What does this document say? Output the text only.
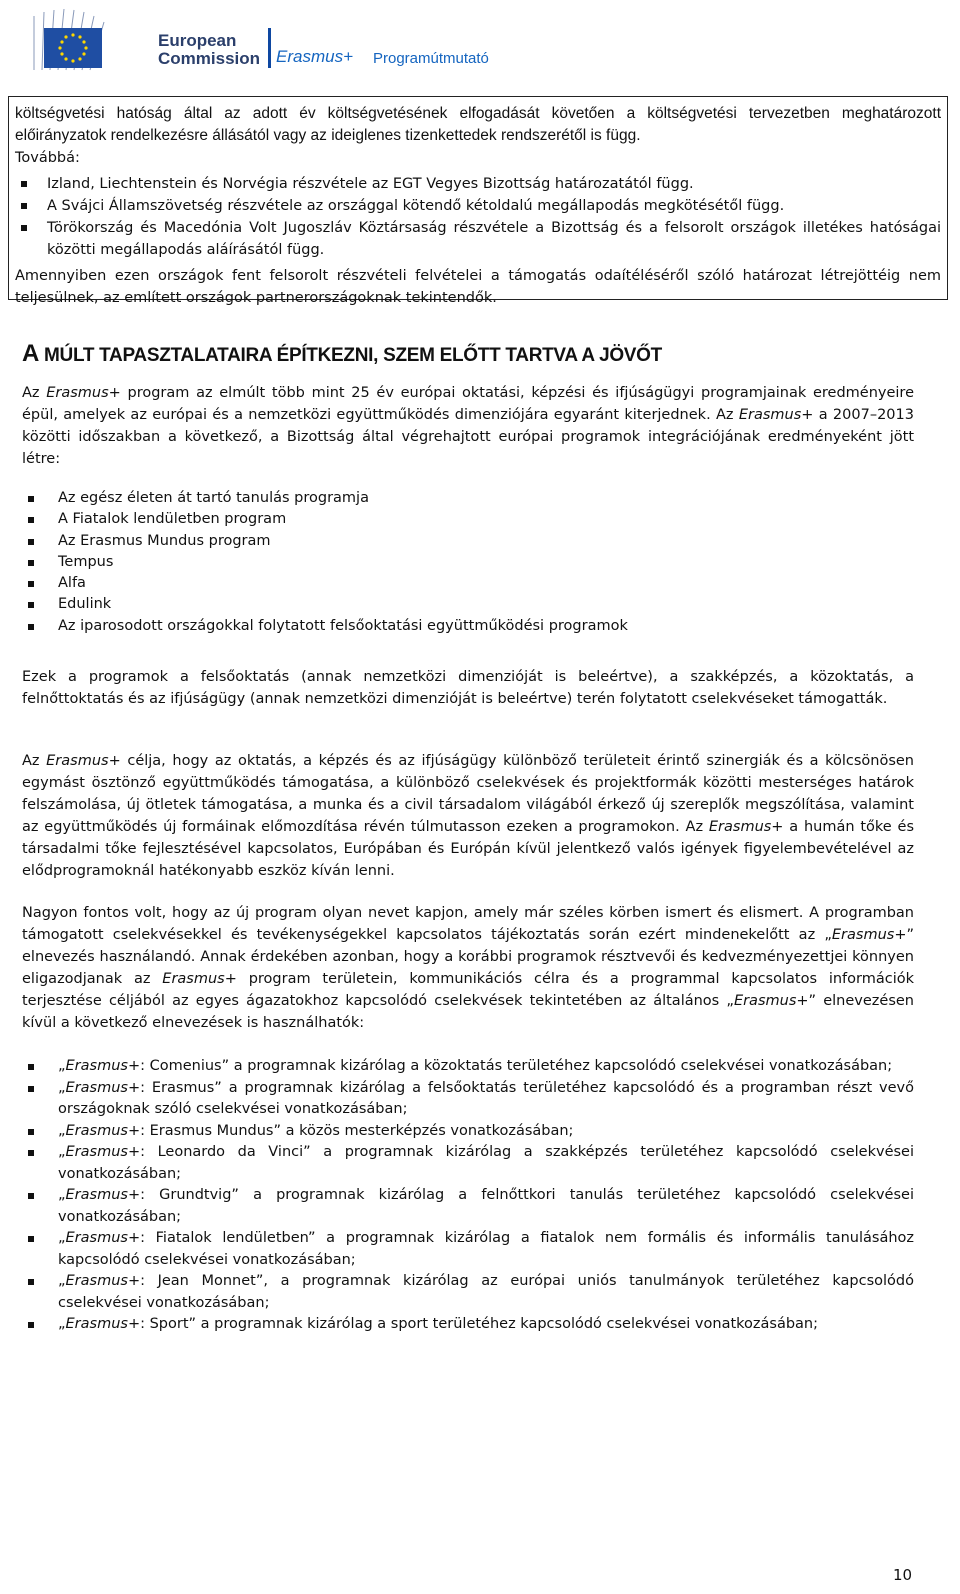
European
Commission Erasmus+ Programútmutató

költségvetési hatóság által az adott év költségvetésének elfogadását követően a költségvetési tervezetben meghatározott előirányzatok rendelkezésre állásától vagy az ideiglenes tizenkettedek rendszerétől is függ.

Továbbá:

Izland, Liechtenstein és Norvégia részvétele az EGT Vegyes Bizottság határozatától függ.

A Svájci Államszövetség részvétele az országgal kötendő kétoldalú megállapodás megkötésétől függ.

Törökország és Macedónia Volt Jugoszláv Köztársaság részvétele a Bizottság és a felsorolt országok illetékes hatóságai közötti megállapodás aláírásától függ.

Amennyiben ezen országok fent felsorolt részvételi felvételei a támogatás odaítéléséről szóló határozat létrejöttéig nem teljesülnek, az említett országok partnerországoknak tekintendők.

A MÚLT TAPASZTALATAIRA ÉPÍTKEZNI, SZEM ELŐTT TARTVA A JÖVŐT

Az Erasmus+ program az elmúlt több mint 25 év európai oktatási, képzési és ifjúságügyi programjainak eredményeire épül, amelyek az európai és a nemzetközi együttműködés dimenziójára egyaránt kiterjednek. Az Erasmus+ a 2007–2013 közötti időszakban a következő, a Bizottság által végrehajtott európai programok integrációjának eredményeként jött létre:

Az egész életen át tartó tanulás programja
A Fiatalok lendületben program
Az Erasmus Mundus program
Tempus
Alfa
Edulink
Az iparosodott országokkal folytatott felsőoktatási együttműködési programok

Ezek a programok a felsőoktatás (annak nemzetközi dimenzióját is beleértve), a szakképzés, a közoktatás, a felnőttoktatás és az ifjúságügy (annak nemzetközi dimenzióját is beleértve) terén folytatott cselekvéseket támogatták.

Az Erasmus+ célja, hogy az oktatás, a képzés és az ifjúságügy különböző területeit érintő szinergiák és a kölcsönösen egymást ösztönző együttműködés támogatása, a különböző cselekvések és projektformák közötti mesterséges határok felszámolása, új ötletek támogatása, a munka és a civil társadalom világából érkező új szereplők megszólítása, valamint az együttműködés új formáinak előmozdítása révén túlmutasson ezeken a programokon. Az Erasmus+ a humán tőke és társadalmi tőke fejlesztésével kapcsolatos, Európában és Európán kívül jelentkező valós igények figyelembevételével az elődprogramoknál hatékonyabb eszköz kíván lenni.

Nagyon fontos volt, hogy az új program olyan nevet kapjon, amely már széles körben ismert és elismert. A programban támogatott cselekvésekkel és tevékenységekkel kapcsolatos tájékoztatás során ezért mindenekelőtt az „Erasmus+” elnevezés használandó. Annak érdekében azonban, hogy a korábbi programok résztvevői és kedvezményezettjei könnyen eligazodjanak az Erasmus+ program területein, kommunikációs célra és a programmal kapcsolatos információk terjesztése céljából az egyes ágazatokhoz kapcsolódó cselekvések tekintetében az általános „Erasmus+” elnevezésen kívül a következő elnevezések is használhatók:

„Erasmus+: Comenius” a programnak kizárólag a közoktatás területéhez kapcsolódó cselekvései vonatkozásában;
„Erasmus+: Erasmus” a programnak kizárólag a felsőoktatás területéhez kapcsolódó és a programban részt vevő országoknak szóló cselekvései vonatkozásában;
„Erasmus+: Erasmus Mundus” a közös mesterképzés vonatkozásában;
„Erasmus+: Leonardo da Vinci” a programnak kizárólag a szakképzés területéhez kapcsolódó cselekvései vonatkozásában;
„Erasmus+: Grundtvig” a programnak kizárólag a felnőttkori tanulás területéhez kapcsolódó cselekvései vonatkozásában;
„Erasmus+: Fiatalok lendületben” a programnak kizárólag a fiatalok nem formális és informális tanulásához kapcsolódó cselekvései vonatkozásában;
„Erasmus+: Jean Monnet”, a programnak kizárólag az európai uniós tanulmányok területéhez kapcsolódó cselekvései vonatkozásában;
„Erasmus+: Sport” a programnak kizárólag a sport területéhez kapcsolódó cselekvései vonatkozásában;
10
